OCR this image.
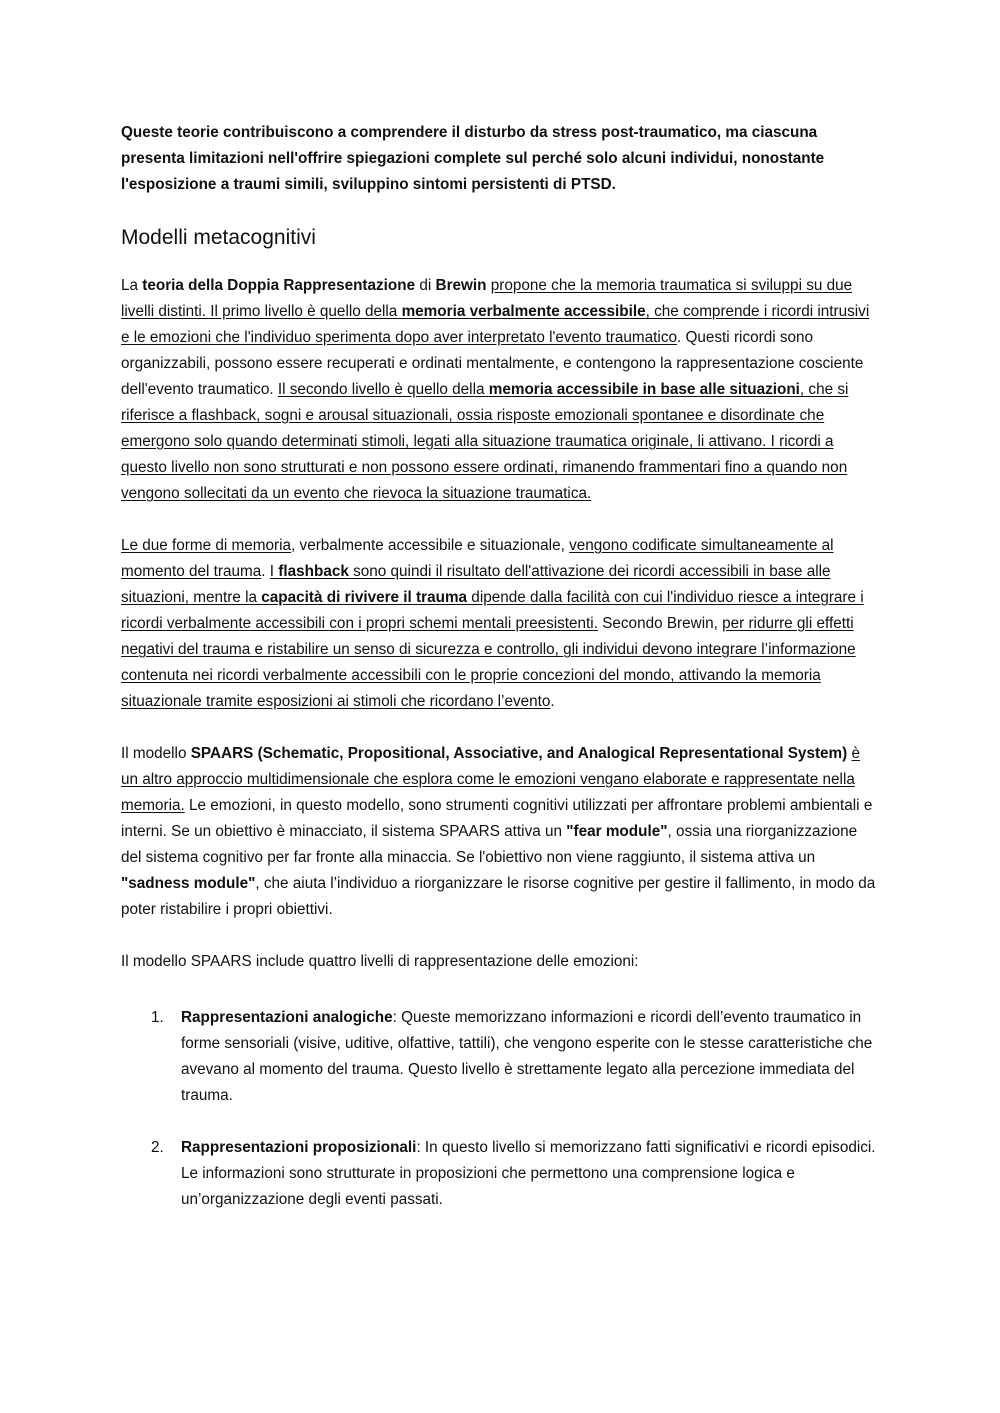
Queste teorie contribuiscono a comprendere il disturbo da stress post-traumatico, ma ciascuna presenta limitazioni nell'offrire spiegazioni complete sul perché solo alcuni individui, nonostante l'esposizione a traumi simili, sviluppino sintomi persistenti di PTSD.

Modelli metacognitivi

La teoria della Doppia Rappresentazione di Brewin propone che la memoria traumatica si sviluppi su due livelli distinti. Il primo livello è quello della memoria verbalmente accessibile, che comprende i ricordi intrusivi e le emozioni che l'individuo sperimenta dopo aver interpretato l'evento traumatico. Questi ricordi sono organizzabili, possono essere recuperati e ordinati mentalmente, e contengono la rappresentazione cosciente dell'evento traumatico. Il secondo livello è quello della memoria accessibile in base alle situazioni, che si riferisce a flashback, sogni e arousal situazionali, ossia risposte emozionali spontanee e disordinate che emergono solo quando determinati stimoli, legati alla situazione traumatica originale, li attivano. I ricordi a questo livello non sono strutturati e non possono essere ordinati, rimanendo frammentari fino a quando non vengono sollecitati da un evento che rievoca la situazione traumatica.

Le due forme di memoria, verbalmente accessibile e situazionale, vengono codificate simultaneamente al momento del trauma. I flashback sono quindi il risultato dell'attivazione dei ricordi accessibili in base alle situazioni, mentre la capacità di rivivere il trauma dipende dalla facilità con cui l'individuo riesce a integrare i ricordi verbalmente accessibili con i propri schemi mentali preesistenti. Secondo Brewin, per ridurre gli effetti negativi del trauma e ristabilire un senso di sicurezza e controllo, gli individui devono integrare l’informazione contenuta nei ricordi verbalmente accessibili con le proprie concezioni del mondo, attivando la memoria situazionale tramite esposizioni ai stimoli che ricordano l’evento.

Il modello SPAARS (Schematic, Propositional, Associative, and Analogical Representational System) è un altro approccio multidimensionale che esplora come le emozioni vengano elaborate e rappresentate nella memoria. Le emozioni, in questo modello, sono strumenti cognitivi utilizzati per affrontare problemi ambientali e interni. Se un obiettivo è minacciato, il sistema SPAARS attiva un "fear module", ossia una riorganizzazione del sistema cognitivo per far fronte alla minaccia. Se l'obiettivo non viene raggiunto, il sistema attiva un "sadness module", che aiuta l’individuo a riorganizzare le risorse cognitive per gestire il fallimento, in modo da poter ristabilire i propri obiettivi.

Il modello SPAARS include quattro livelli di rappresentazione delle emozioni:

1. Rappresentazioni analogiche: Queste memorizzano informazioni e ricordi dell’evento traumatico in forme sensoriali (visive, uditive, olfattive, tattili), che vengono esperite con le stesse caratteristiche che avevano al momento del trauma. Questo livello è strettamente legato alla percezione immediata del trauma.
2. Rappresentazioni proposizionali: In questo livello si memorizzano fatti significativi e ricordi episodici. Le informazioni sono strutturate in proposizioni che permettono una comprensione logica e un’organizzazione degli eventi passati.
